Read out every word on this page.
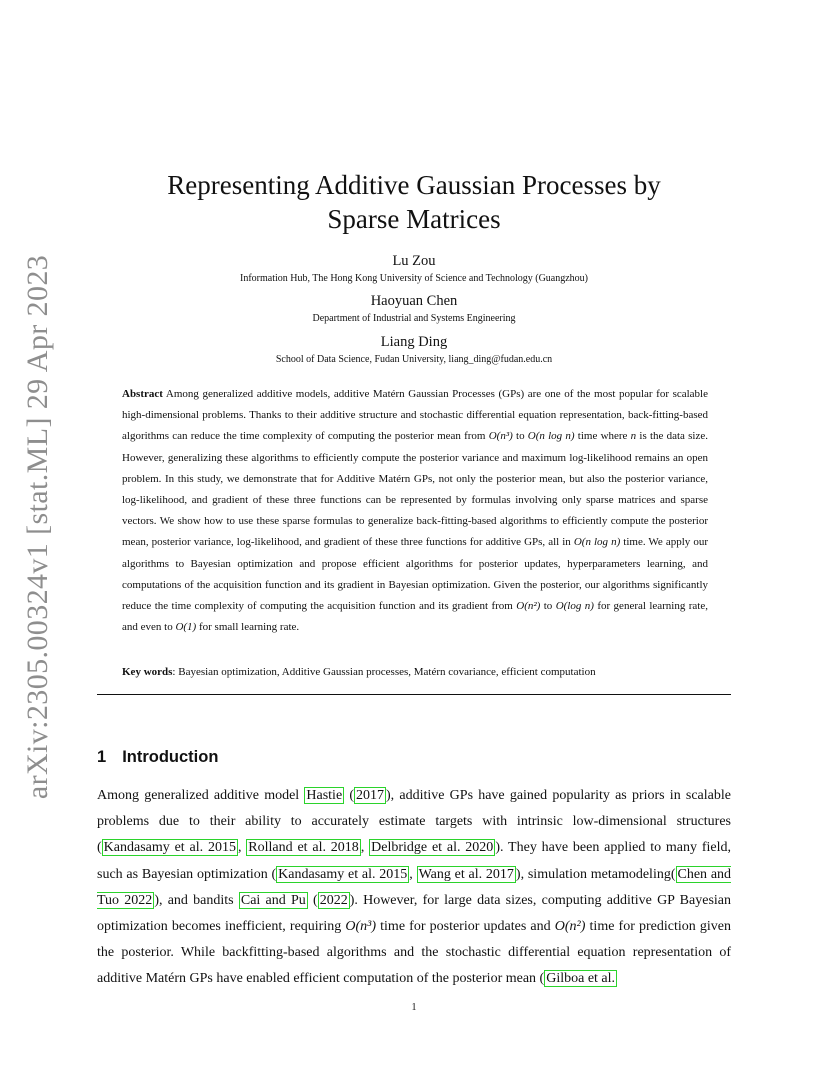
arXiv:2305.00324v1 [stat.ML] 29 Apr 2023
Representing Additive Gaussian Processes by
Sparse Matrices
Lu Zou
Information Hub, The Hong Kong University of Science and Technology (Guangzhou)
Haoyuan Chen
Department of Industrial and Systems Engineering
Liang Ding
School of Data Science, Fudan University, liang_ding@fudan.edu.cn
Abstract Among generalized additive models, additive Matérn Gaussian Processes (GPs) are one of the most popular for scalable high-dimensional problems. Thanks to their additive structure and stochastic differential equation representation, back-fitting-based algorithms can reduce the time complexity of computing the posterior mean from O(n³) to O(n log n) time where n is the data size. However, generalizing these algorithms to efficiently compute the posterior variance and maximum log-likelihood remains an open problem. In this study, we demonstrate that for Additive Matérn GPs, not only the posterior mean, but also the posterior variance, log-likelihood, and gradient of these three functions can be represented by formulas involving only sparse matrices and sparse vectors. We show how to use these sparse formulas to generalize back-fitting-based algorithms to efficiently compute the posterior mean, posterior variance, log-likelihood, and gradient of these three functions for additive GPs, all in O(n log n) time. We apply our algorithms to Bayesian optimization and propose efficient algorithms for posterior updates, hyperparameters learning, and computations of the acquisition function and its gradient in Bayesian optimization. Given the posterior, our algorithms significantly reduce the time complexity of computing the acquisition function and its gradient from O(n²) to O(log n) for general learning rate, and even to O(1) for small learning rate.
Key words: Bayesian optimization, Additive Gaussian processes, Matérn covariance, efficient computation
1 Introduction
Among generalized additive model Hastie ( 2017 ), additive GPs have gained popularity as priors in scalable problems due to their ability to accurately estimate targets with intrinsic low-dimensional structures ( Kandasamy et al. 2015 , Rolland et al. 2018 , Delbridge et al. 2020 ). They have been applied to many field, such as Bayesian optimization ( Kandasamy et al. 2015 , Wang et al. 2017 ), simulation metamodeling( Chen and Tuo 2022 ), and bandits Cai and Pu ( 2022 ). However, for large data sizes, computing additive GP Bayesian optimization becomes inefficient, requiring O(n³) time for posterior updates and O(n²) time for prediction given the posterior. While backfitting-based algorithms and the stochastic differential equation representation of additive Matérn GPs have enabled efficient computation of the posterior mean ( Gilboa et al.
1
